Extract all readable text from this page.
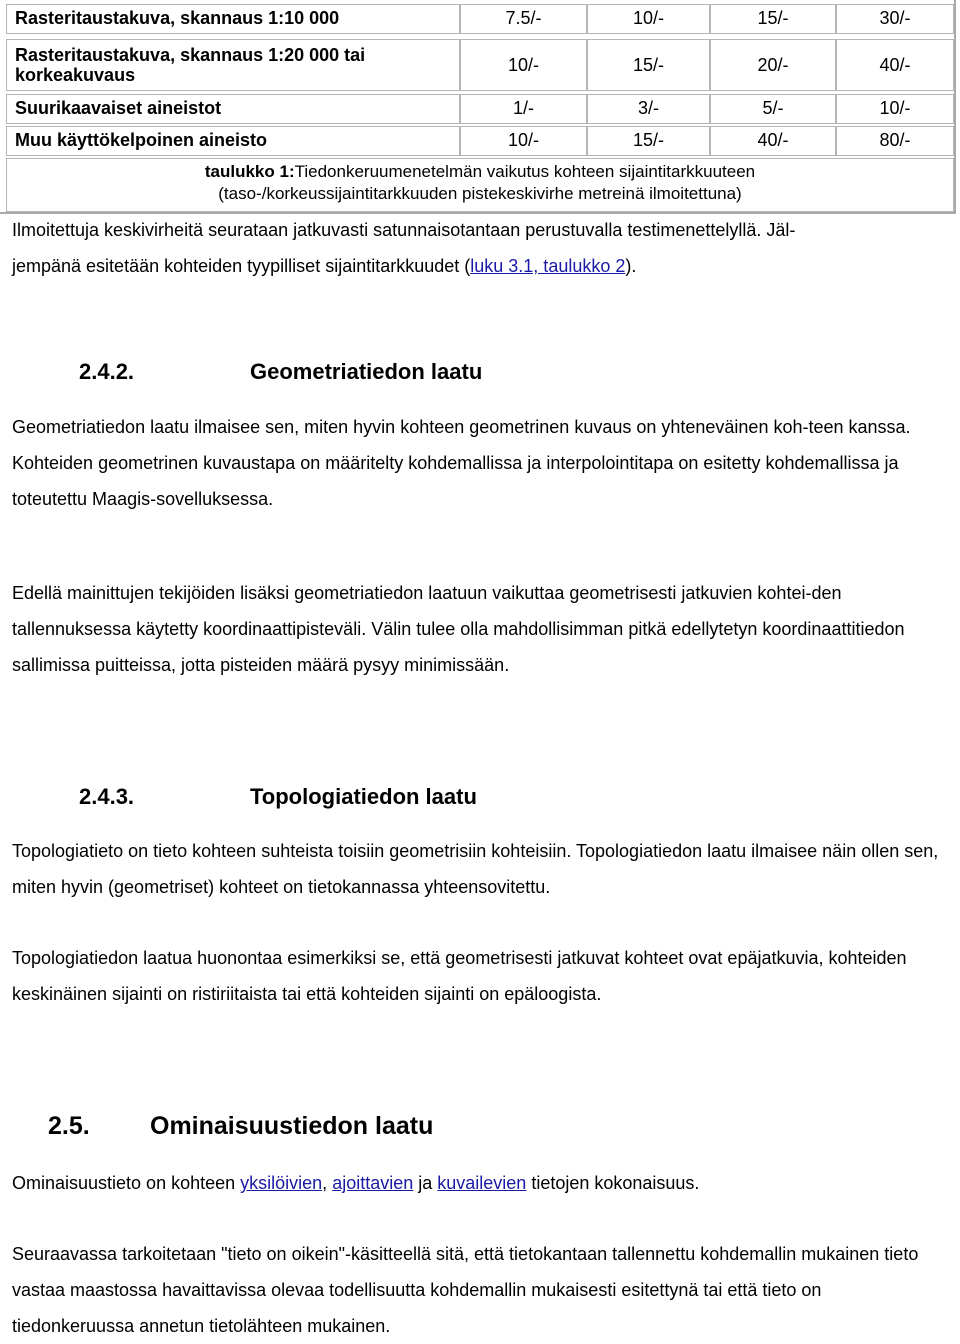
Rasteritaustakuva, skannaus 1:10 000	7.5/-	10/-	15/-	30/-
Rasteritaustakuva, skannaus 1:20 000 tai korkeakuvaus	10/-	15/-	20/-	40/-
Suurikaavaiset aineistot	1/-	3/-	5/-	10/-
Muu käyttökelpoinen aineisto	10/-	15/-	40/-	80/-
taulukko 1:Tiedonkeruumenetelmän vaikutus kohteen sijaintitarkkuuteen
(taso-/korkeussijaintitarkkuuden pistekeskivirhe metreinä ilmoitettuna)
Ilmoitettuja keskivirheitä seurataan jatkuvasti satunnaisotantaan perustuvalla testimenettelyllä. Jäl-
jempänä esitetään kohteiden tyypilliset sijaintitarkkuudet (luku 3.1, taulukko 2).
2.4.2.	Geometriatiedon laatu
Geometriatiedon laatu ilmaisee sen, miten hyvin kohteen geometrinen kuvaus on yhteneväinen koh-teen kanssa. Kohteiden geometrinen kuvaustapa on määritelty kohdemallissa ja interpolointitapa on esitetty kohdemallissa ja toteutettu Maagis-sovelluksessa.
Edellä mainittujen tekijöiden lisäksi geometriatiedon laatuun vaikuttaa geometrisesti jatkuvien kohtei-den tallennuksessa käytetty koordinaattipisteväli. Välin tulee olla mahdollisimman pitkä edellytetyn koordinaattitiedon sallimissa puitteissa, jotta pisteiden määrä pysyy minimissään.
2.4.3.	Topologiatiedon laatu
Topologiatieto on tieto kohteen suhteista toisiin geometrisiin kohteisiin. Topologiatiedon laatu ilmaisee näin ollen sen, miten hyvin (geometriset) kohteet on tietokannassa yhteensovitettu.
Topologiatiedon laatua huonontaa esimerkiksi se, että geometrisesti jatkuvat kohteet ovat epäjatkuvia, kohteiden keskinäinen sijainti on ristiriitaista tai että kohteiden sijainti on epäloogista.
2.5. Ominaisuustiedon laatu
Ominaisuustieto on kohteen yksilöivien, ajoittavien ja kuvailevien tietojen kokonaisuus.
Seuraavassa tarkoitetaan "tieto on oikein"-käsitteellä sitä, että tietokantaan tallennettu kohdemallin mukainen tieto vastaa maastossa havaittavissa olevaa todellisuutta kohdemallin mukaisesti esitettynä tai että tieto on tiedonkeruussa annetun tietolähteen mukainen.
